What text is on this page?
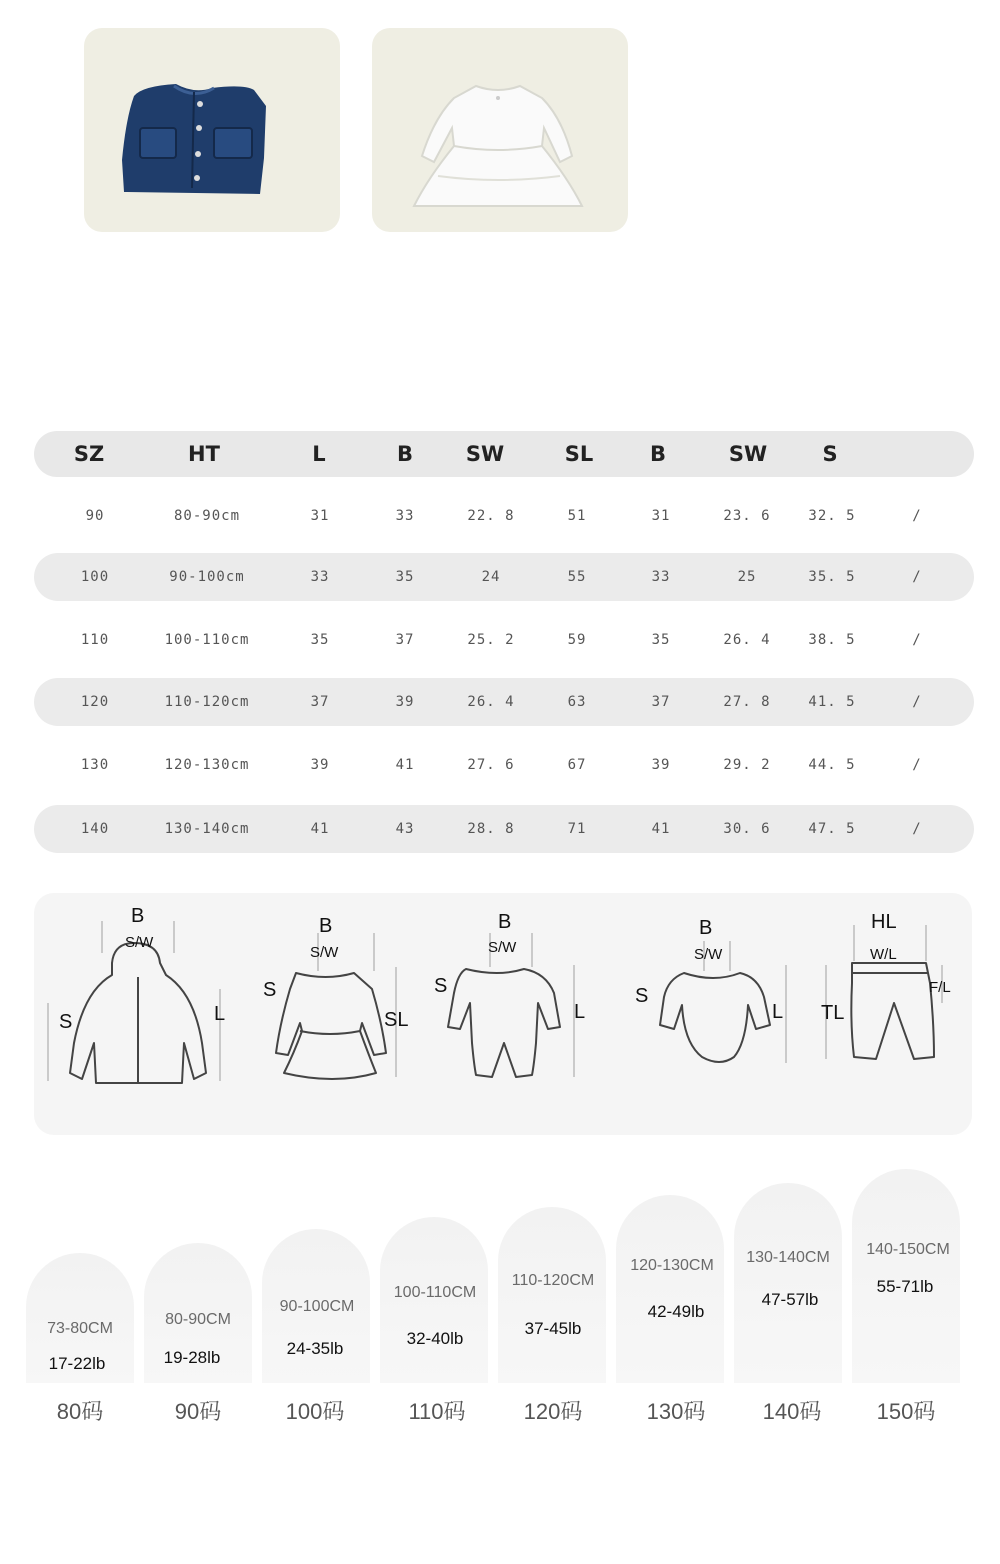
SZ	HT	L	B	SW	SL	B	SW	S
90	80-90cm	31	33	22. 8	51	31	23. 6	32. 5	/
100	90-100cm	33	35	24	55	33	25	35. 5	/
110	100-110cm	35	37	25. 2	59	35	26. 4	38. 5	/
120	110-120cm	37	39	26. 4	63	37	27. 8	41. 5	/
130	120-130cm	39	41	27. 6	67	39	29. 2	44. 5	/
140	130-140cm	41	43	28. 8	71	41	30. 6	47. 5	/
B
S/W
S	L
B
S/W
S
SL
B
S/W
S
L
B
S/W
S
L
HL
W/L
F/L
TL
73-80CM
17-22lb
80-90CM
19-28lb
90-100CM
24-35lb
100-110CM
32-40lb
110-120CM
37-45lb
120-130CM
42-49lb
130-140CM
47-57lb
140-150CM
55-71lb
80码	90码	100码	110码	120码	130码	140码	150码
